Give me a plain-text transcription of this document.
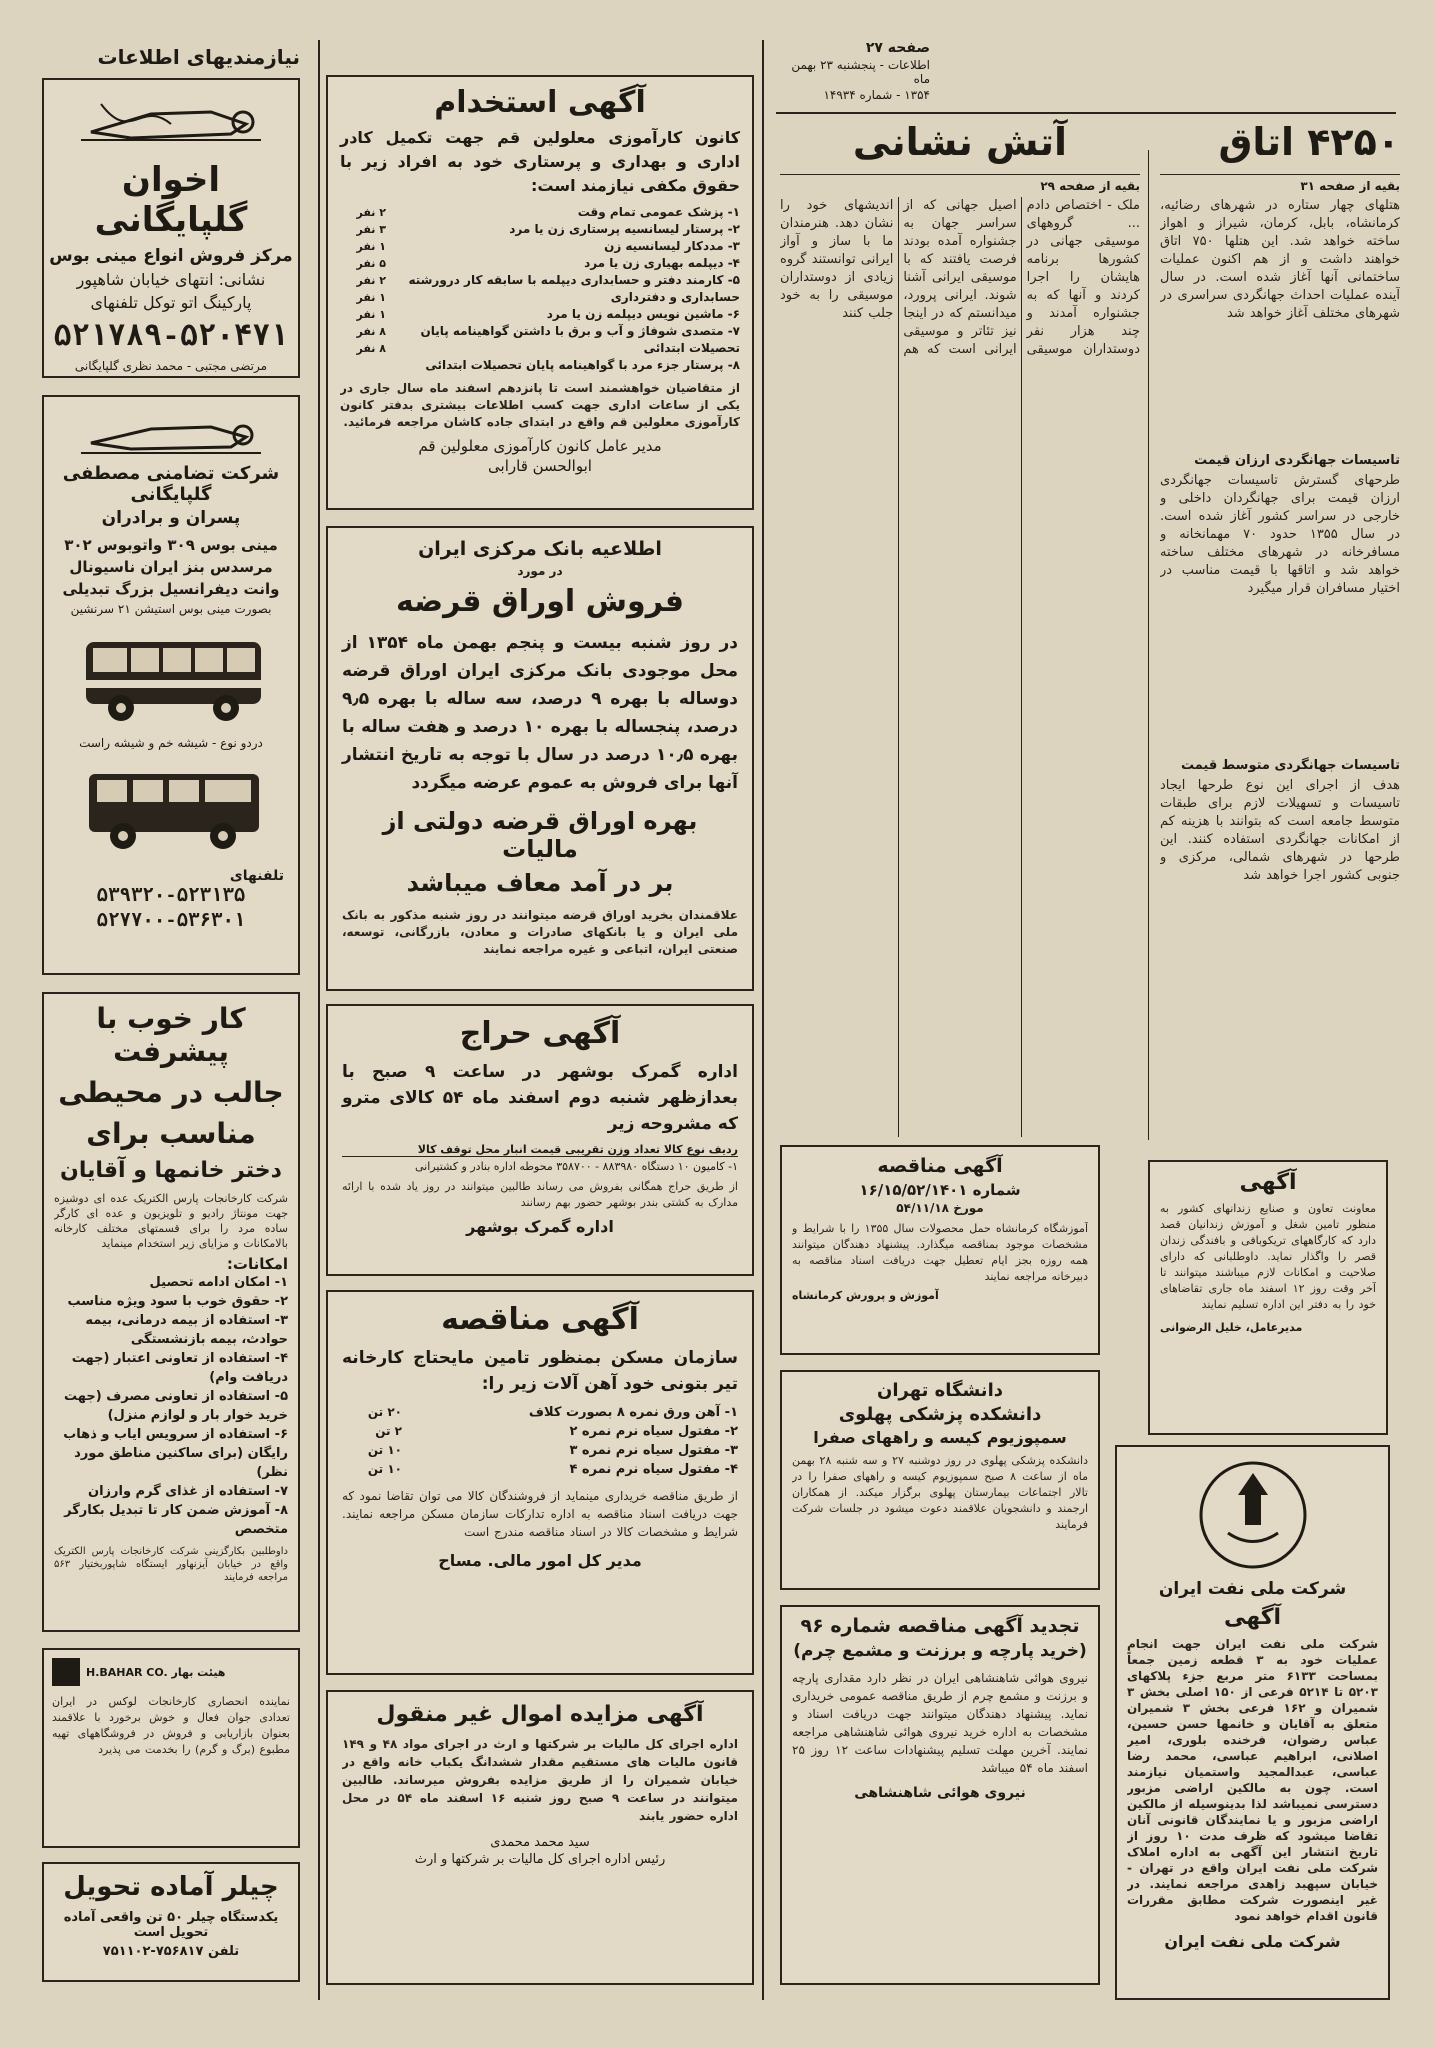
نیازمندیهای اطلاعات
اخوان گلپایگانی
مرکز فروش انواع مینی بوس
نشانی: انتهای خیابان شاهپور
پارکینگ اتو توکل تلفنهای
۵۲۱۷۸۹-۵۲۰۴۷۱
مرتضی مجتبی - محمد نظری گلپایگانی
شرکت تضامنی مصطفی گلپایگانی
پسران و برادران
مینی بوس ۳۰۹ واتوبوس ۳۰۲
مرسدس بنز ایران ناسیونال
وانت دیفرانسیل بزرگ تبدیلی
بصورت مینی بوس استیشن ۲۱ سرنشین
دردو نوع - شیشه خم و شیشه راست
تلفنهای
۵۳۹۳۲۰-۵۲۳۱۳۵
۵۲۷۷۰۰-۵۳۶۳۰۱
کار خوب با پیشرفت
جالب در محیطی
مناسب برای
دختر خانمها و آقایان
شرکت کارخانجات پارس الکتریک عده ای دوشیزه جهت مونتاژ رادیو و تلویزیون و عده ای کارگر ساده مرد را برای قسمتهای مختلف کارخانه بالامکانات و مزایای زیر استخدام مینماید
امکانات:
۱- امکان ادامه تحصیل
۲- حقوق خوب با سود ویژه مناسب
۳- استفاده از بیمه درمانی، بیمه حوادث، بیمه بازنشستگی
۴- استفاده از تعاونی اعتبار (جهت دریافت وام)
۵- استفاده از تعاونی مصرف (جهت خرید خوار بار و لوازم منزل)
۶- استفاده از سرویس ایاب و ذهاب رایگان (برای ساکنین مناطق مورد نظر)
۷- استفاده از غذای گرم وارزان
۸- آموزش ضمن کار تا تبدیل بکارگر متخصص
داوطلبین بکارگزینی شرکت کارخانجات پارس الکتریک واقع در خیابان آیزنهاور ایستگاه شاپوربختیار ۵۶۳ مراجعه فرمایند
H.BAHAR CO. هیئت بهار
نماینده انحصاری کارخانجات لوکس در ایران تعدادی جوان فعال و خوش برخورد با علاقمند بعنوان بازاریابی و فروش در فروشگاههای تهیه مطبوع (برگ و گرم) را بخدمت می پذیرد
چیلر آماده تحویل
یکدستگاه چیلر ۵۰ تن واقعی آماده تحویل است
تلفن ۷۵۶۸۱۷-۷۵۱۱۰۲
آگهی استخدام
کانون کارآموزی معلولین قم جهت تکمیل کادر اداری و بهداری و پرستاری خود به افراد زیر با حقوق مکفی نیازمند است:
۱- پزشک عمومی تمام وقت
۲- پرستار لیسانسیه پرستاری زن یا مرد
۳- مددکار لیسانسیه زن
۴- دیپلمه بهیاری زن یا مرد
۵- کارمند دفتر و حسابداری دیپلمه با سابقه کار درورشته حسابداری و دفترداری
۶- ماشین نویس دیپلمه زن یا مرد
۷- متصدی شوفاژ و آب و برق با داشتن گواهینامه پایان تحصیلات ابتدائی
۸- پرستار جزء مرد با گواهینامه پایان تحصیلات ابتدائی
۲ نفر
۳ نفر
۱ نفر
۵ نفر
۲ نفر
۱ نفر
۱ نفر
۸ نفر
۸ نفر
از متقاضیان خواهشمند است تا پانزدهم اسفند ماه سال جاری در یکی از ساعات اداری جهت کسب اطلاعات بیشتری بدفتر کانون کارآموزی معلولین قم واقع در ابتدای جاده کاشان مراجعه فرمائید.
مدیر عامل کانون کارآموزی معلولین قم
ابوالحسن قارابی
اطلاعیه بانک مرکزی ایران
در مورد
فروش اوراق قرضه
در روز شنبه بیست و پنجم بهمن ماه ۱۳۵۴ از محل موجودی بانک مرکزی ایران اوراق قرضه دوساله با بهره ۹ درصد، سه ساله با بهره ۹٫۵ درصد، پنجساله با بهره ۱۰ درصد و هفت ساله با بهره ۱۰٫۵ درصد در سال با توجه به تاریخ انتشار آنها برای فروش به عموم عرضه میگردد
بهره اوراق قرضه دولتی از مالیات
بر در آمد معاف میباشد
علاقمندان بخرید اوراق قرضه میتوانند در روز شنبه مذکور به بانک ملی ایران و یا بانکهای صادرات و معادن، بازرگانی، توسعه، صنعتی ایران، اتباعی و غیره مراجعه نمایند
آگهی حراج
اداره گمرک بوشهر در ساعت ۹ صبح با بعدازظهر شنبه دوم اسفند ماه ۵۴ کالای مترو که مشروحه زیر
ردیف نوع کالا تعداد وزن تقریبی قیمت انبار محل توقف کالا
۱- کامیون ۱۰ دستگاه ۸۸۳۹۸۰ - ۳۵۸۷۰۰ محوطه اداره بنادر و کشتیرانی
از طریق حراج همگانی بفروش می رساند طالبین میتوانند در روز یاد شده با ارائه مدارک به کشتی بندر بوشهر حضور بهم رسانند
اداره گمرک بوشهر
آگهی مناقصه
سازمان مسکن بمنظور تامین مایحتاج کارخانه تیر بتونی خود آهن آلات زیر را:
۱- آهن ورق نمره ۸ بصورت کلاف
۲- مفتول سیاه نرم نمره ۲
۳- مفتول سیاه نرم نمره ۳
۴- مفتول سیاه نرم نمره ۴
۲۰ تن
۲ تن
۱۰ تن
۱۰ تن
از طریق مناقصه خریداری مینماید از فروشندگان کالا می توان تقاضا نمود که جهت دریافت اسناد مناقصه به اداره تدارکات سازمان مسکن مراجعه نمایند. شرایط و مشخصات کالا در اسناد مناقصه مندرج است
مدیر کل امور مالی. مساح
آگهی مزایده اموال غیر منقول
اداره اجرای کل مالیات بر شرکتها و ارث در اجرای مواد ۴۸ و ۱۴۹ قانون مالیات های مستقیم مقدار ششدانگ یکباب خانه واقع در خیابان شمیران را از طریق مزایده بفروش میرساند. طالبین میتوانند در ساعت ۹ صبح روز شنبه ۱۶ اسفند ماه ۵۴ در محل اداره حضور یابند
سید محمد محمدی
رئیس اداره اجرای کل مالیات بر شرکتها و ارث
صفحه ۲۷
اطلاعات - پنجشنبه ۲۳ بهمن ماه
۱۳۵۴ - شماره ۱۴۹۳۴
۴۲۵۰ اتاق
بقیه از صفحه ۳۱
هتلهای چهار ستاره در شهرهای رضائیه، کرمانشاه، بابل، کرمان، شیراز و اهواز ساخته خواهد شد. این هتلها ۷۵۰ اتاق خواهند داشت و از هم اکنون عملیات ساختمانی آنها آغاز شده است. در سال آینده عملیات احداث جهانگردی سراسری در شهرهای مختلف آغاز خواهد شد
تاسیسات جهانگردی ارزان قیمت
طرحهای گسترش تاسیسات جهانگردی ارزان قیمت برای جهانگردان داخلی و خارجی در سراسر کشور آغاز شده است. در سال ۱۳۵۵ حدود ۷۰ مهمانخانه و مسافرخانه در شهرهای مختلف ساخته خواهد شد و اتاقها با قیمت مناسب در اختیار مسافران قرار میگیرد
تاسیسات جهانگردی متوسط قیمت
هدف از اجرای این نوع طرحها ایجاد تاسیسات و تسهیلات لازم برای طبقات متوسط جامعه است که بتوانند با هزینه کم از امکانات جهانگردی استفاده کنند. این طرحها در شهرهای شمالی، مرکزی و جنوبی کشور اجرا خواهد شد
آتش نشانی
بقیه از صفحه ۲۹
ملک - اختصاص دادم ... گروههای موسیقی جهانی در کشورها برنامه هایشان را اجرا کردند و آنها که به جشنواره آمدند و چند هزار نفر دوستداران موسیقی اصیل جهانی که از سراسر جهان به جشنواره آمده بودند فرصت یافتند که با موسیقی ایرانی آشنا شوند. ایرانی پرورد، میدانستم که در اینجا نیز تئاتر و موسیقی ایرانی است که هم اندیشهای خود را نشان دهد. هنرمندان ما با ساز و آواز ایرانی توانستند گروه زیادی از دوستداران موسیقی را به خود جلب کنند
آگهی
معاونت تعاون و صنایع زندانهای کشور به منظور تامین شغل و آموزش زندانیان قصد دارد که کارگاههای تریکوبافی و بافندگی زندان قصر را واگذار نماید. داوطلبانی که دارای صلاحیت و امکانات لازم میباشند میتوانند تا آخر وقت روز ۱۲ اسفند ماه جاری تقاضاهای خود را به دفتر این اداره تسلیم نمایند
مدیرعامل، خلیل الرضوانی
شرکت ملی نفت ایران
آگهی
شرکت ملی نفت ایران جهت انجام عملیات خود به ۳ قطعه زمین جمعاً بمساحت ۶۱۳۳ متر مربع جزء پلاکهای ۵۲۰۳ تا ۵۲۱۴ فرعی از ۱۵۰ اصلی بخش ۳ شمیران و ۱۶۲ فرعی بخش ۳ شمیران متعلق به آقایان و خانمها حسن حسین، عباس رضوان، فرخنده بلوری، امیر اصلانی، ابراهیم عباسی، محمد رضا عباسی، عبدالمجید واستمیان نیازمند است. چون به مالکین اراضی مزبور دسترسی نمیباشد لذا بدینوسیله از مالکین اراضی مزبور و یا نمایندگان قانونی آنان تقاضا میشود که ظرف مدت ۱۰ روز از تاریخ انتشار این آگهی به اداره املاک شرکت ملی نفت ایران واقع در تهران - خیابان سپهبد زاهدی مراجعه نمایند. در غیر اینصورت شرکت مطابق مقررات قانون اقدام خواهد نمود
شرکت ملی نفت ایران
آگهی مناقصه
شماره ۱۶/۱۵/۵۲/۱۴۰۱
مورخ ۵۴/۱۱/۱۸
آموزشگاه کرمانشاه حمل محصولات سال ۱۳۵۵ را با شرایط و مشخصات موجود بمناقصه میگذارد. پیشنهاد دهندگان میتوانند همه روزه بجز ایام تعطیل جهت دریافت اسناد مناقصه به دبیرخانه مراجعه نمایند
آموزش و پرورش کرمانشاه
دانشگاه تهران
دانشکده پزشکی پهلوی
سمپوزیوم کیسه و راههای صفرا
دانشکده پزشکی پهلوی در روز دوشنبه ۲۷ و سه شنبه ۲۸ بهمن ماه از ساعت ۸ صبح سمپوزیوم کیسه و راههای صفرا را در تالار اجتماعات بیمارستان پهلوی برگزار میکند. از همکاران ارجمند و دانشجویان علاقمند دعوت میشود در جلسات شرکت فرمایند
تجدید آگهی مناقصه شماره ۹۶
(خرید پارچه و برزنت و مشمع چرم)
نیروی هوائی شاهنشاهی ایران در نظر دارد مقداری پارچه و برزنت و مشمع چرم از طریق مناقصه عمومی خریداری نماید. پیشنهاد دهندگان میتوانند جهت دریافت اسناد و مشخصات به اداره خرید نیروی هوائی شاهنشاهی مراجعه نمایند. آخرین مهلت تسلیم پیشنهادات ساعت ۱۲ روز ۲۵ اسفند ماه ۵۴ میباشد
نیروی هوائی شاهنشاهی
